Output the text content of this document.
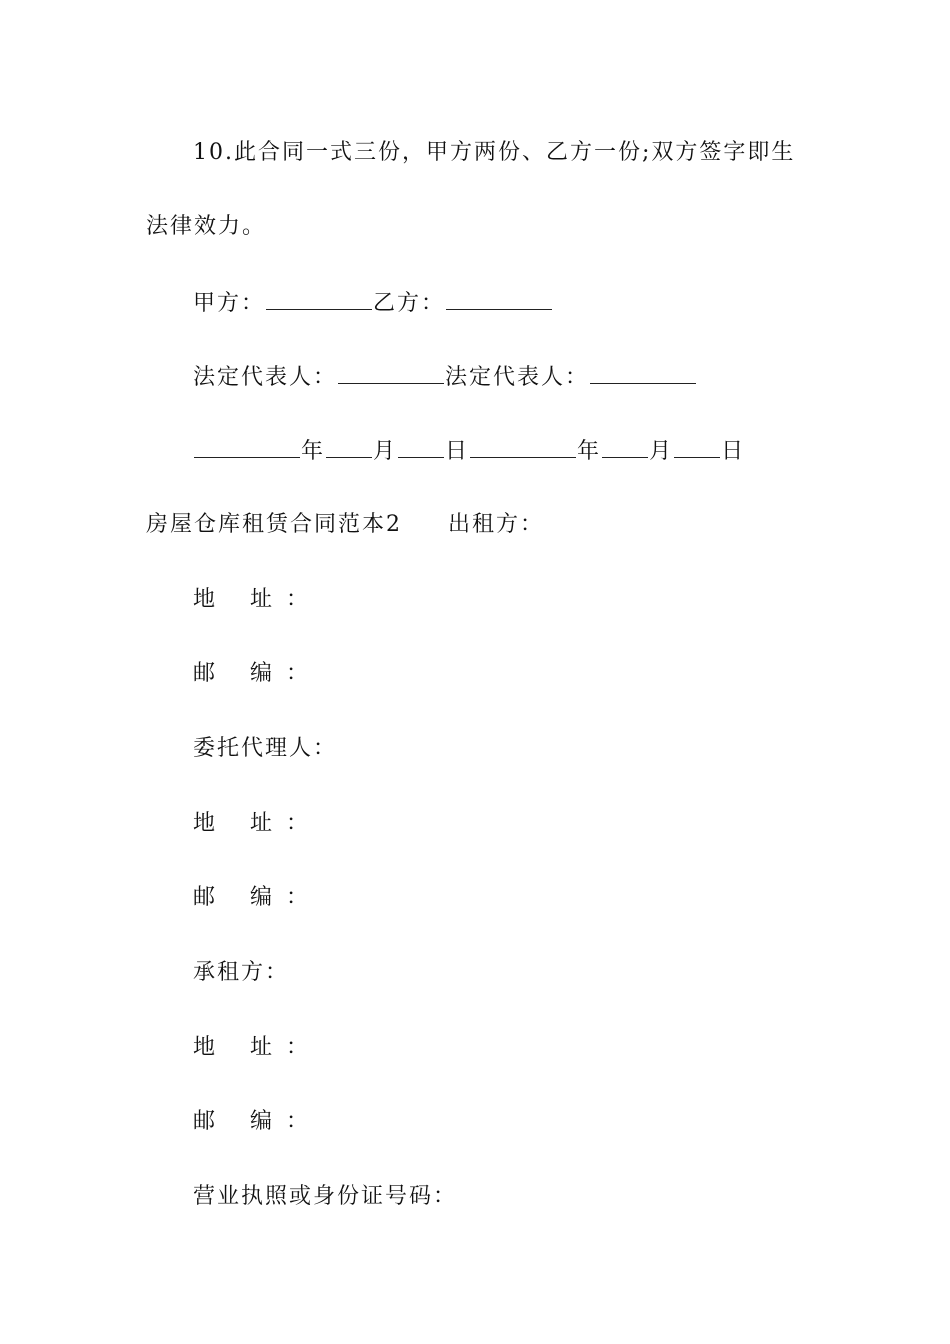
10.此合同一式三份，甲方两份、乙方一份;双方签字即生
法律效力。
甲方：	乙方：
法定代表人：	法定代表人：
年 月 日	年 月 日
房屋仓库租赁合同范本2 出租方：
地 址：
邮 编：
委托代理人：
地 址：
邮 编：
承租方：
地 址：
邮 编：
营业执照或身份证号码：
